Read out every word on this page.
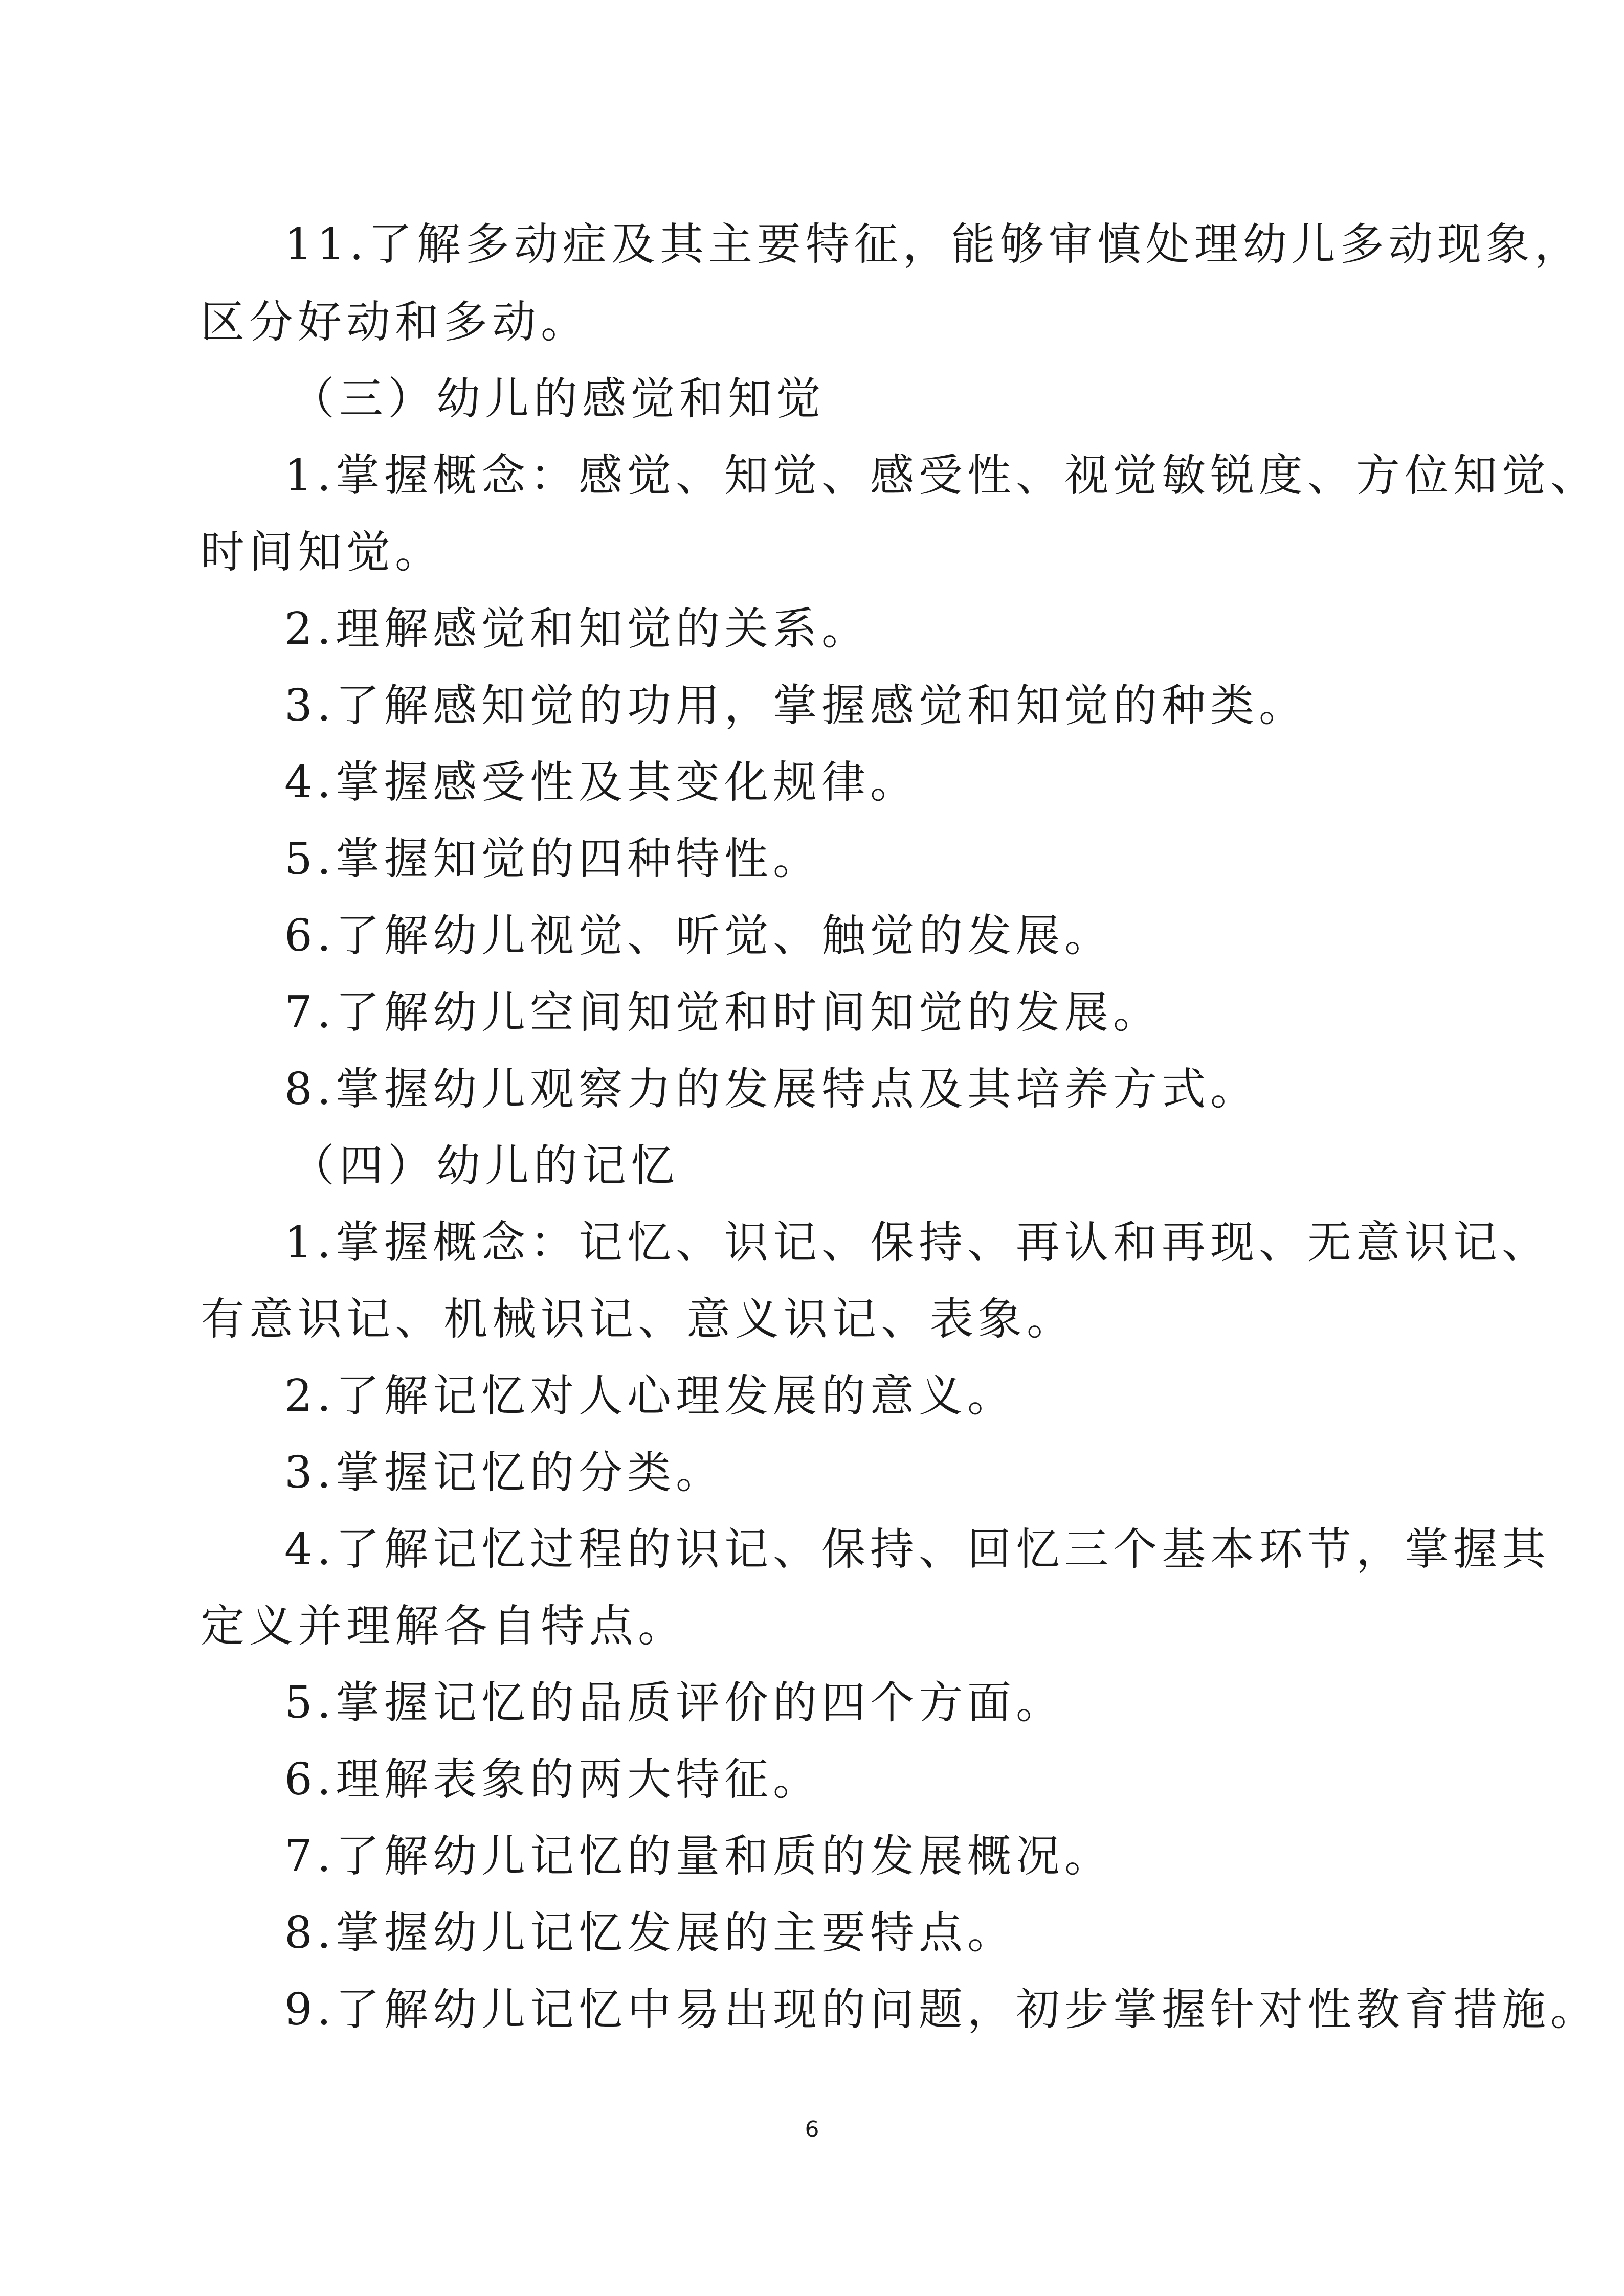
11.了解多动症及其主要特征，能够审慎处理幼儿多动现象，
区分好动和多动。
（三）幼儿的感觉和知觉
1.掌握概念：感觉、知觉、感受性、视觉敏锐度、方位知觉、
时间知觉。
2.理解感觉和知觉的关系。
3.了解感知觉的功用，掌握感觉和知觉的种类。
4.掌握感受性及其变化规律。
5.掌握知觉的四种特性。
6.了解幼儿视觉、听觉、触觉的发展。
7.了解幼儿空间知觉和时间知觉的发展。
8.掌握幼儿观察力的发展特点及其培养方式。
（四）幼儿的记忆
1.掌握概念：记忆、识记、保持、再认和再现、无意识记、
有意识记、机械识记、意义识记、表象。
2.了解记忆对人心理发展的意义。
3.掌握记忆的分类。
4.了解记忆过程的识记、保持、回忆三个基本环节，掌握其
定义并理解各自特点。
5.掌握记忆的品质评价的四个方面。
6.理解表象的两大特征。
7.了解幼儿记忆的量和质的发展概况。
8.掌握幼儿记忆发展的主要特点。
9.了解幼儿记忆中易出现的问题，初步掌握针对性教育措施。
6
